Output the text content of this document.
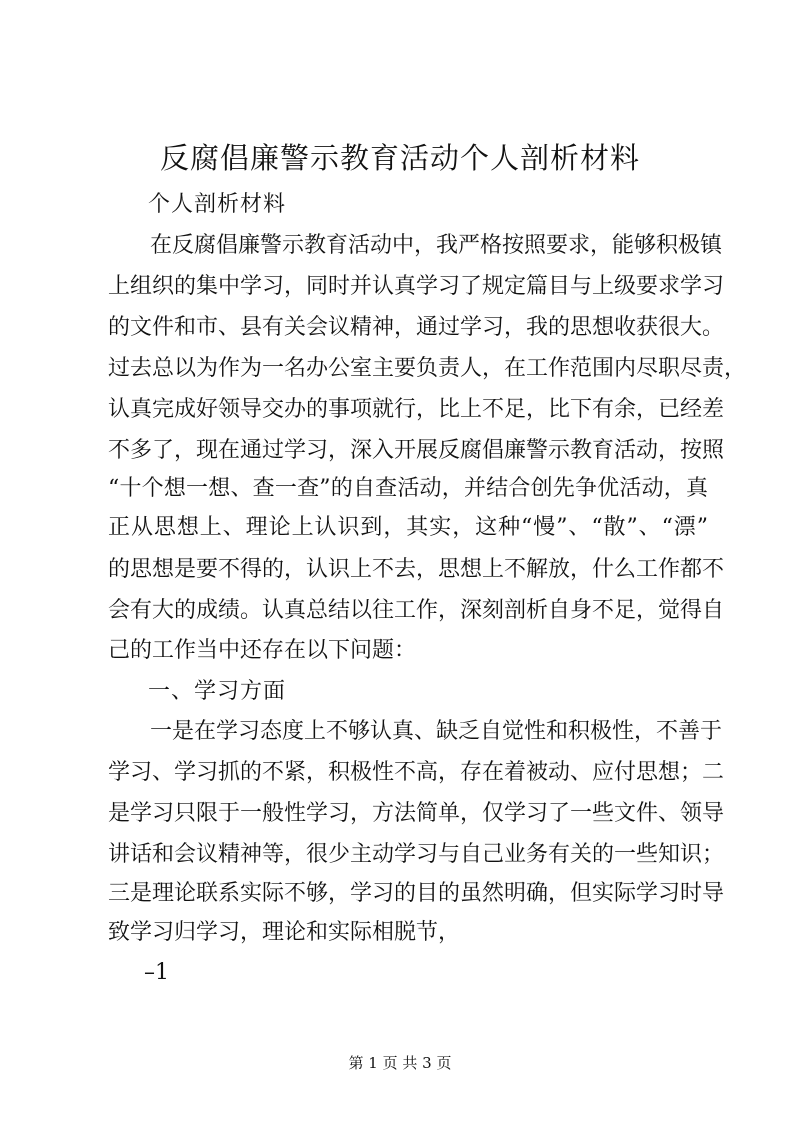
反腐倡廉警示教育活动个人剖析材料

个人剖析材料

在反腐倡廉警示教育活动中，我严格按照要求，能够积极镇

上组织的集中学习，同时并认真学习了规定篇目与上级要求学习

的文件和市、县有关会议精神，通过学习，我的思想收获很大。

过去总以为作为一名办公室主要负责人，在工作范围内尽职尽责，

认真完成好领导交办的事项就行，比上不足，比下有余，已经差

不多了，现在通过学习，深入开展反腐倡廉警示教育活动，按照

“十个想一想、查一查”的自查活动，并结合创先争优活动，真

正从思想上、理论上认识到，其实，这种“慢”、“散”、“漂”

的思想是要不得的，认识上不去，思想上不解放，什么工作都不

会有大的成绩。认真总结以往工作，深刻剖析自身不足，觉得自

己的工作当中还存在以下问题：

一、学习方面

一是在学习态度上不够认真、缺乏自觉性和积极性，不善于

学习、学习抓的不紧，积极性不高，存在着被动、应付思想；二

是学习只限于一般性学习，方法简单，仅学习了一些文件、领导

讲话和会议精神等，很少主动学习与自己业务有关的一些知识；

三是理论联系实际不够，学习的目的虽然明确，但实际学习时导

致学习归学习，理论和实际相脱节，

–1

第 1 页 共 3 页
